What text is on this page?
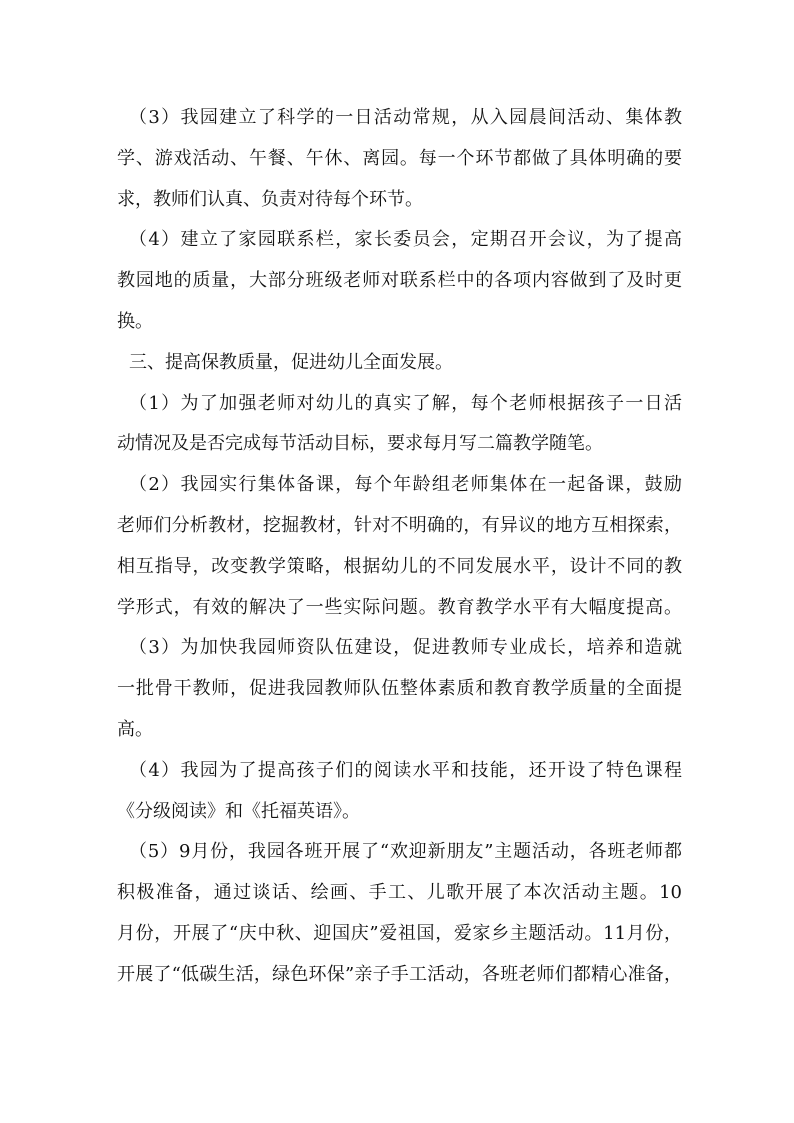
（3）我园建立了科学的一日活动常规，从入园晨间活动、集体教
学、游戏活动、午餐、午休、离园。每一个环节都做了具体明确的要
求，教师们认真、负责对待每个环节。
（4）建立了家园联系栏，家长委员会，定期召开会议，为了提高
教园地的质量，大部分班级老师对联系栏中的各项内容做到了及时更
换。
三、提高保教质量，促进幼儿全面发展。
（1）为了加强老师对幼儿的真实了解，每个老师根据孩子一日活
动情况及是否完成每节活动目标，要求每月写二篇教学随笔。
（2）我园实行集体备课，每个年龄组老师集体在一起备课，鼓励
老师们分析教材，挖掘教材，针对不明确的，有异议的地方互相探索，
相互指导，改变教学策略，根据幼儿的不同发展水平，设计不同的教
学形式，有效的解决了一些实际问题。教育教学水平有大幅度提高。
（3）为加快我园师资队伍建设，促进教师专业成长，培养和造就
一批骨干教师，促进我园教师队伍整体素质和教育教学质量的全面提
高。
（4）我园为了提高孩子们的阅读水平和技能，还开设了特色课程
《分级阅读》和《托福英语》。
（5）9月份，我园各班开展了“欢迎新朋友”主题活动，各班老师都
积极准备，通过谈话、绘画、手工、儿歌开展了本次活动主题。10
月份，开展了“庆中秋、迎国庆”爱祖国，爱家乡主题活动。11月份，
开展了“低碳生活，绿色环保”亲子手工活动，各班老师们都精心准备，
